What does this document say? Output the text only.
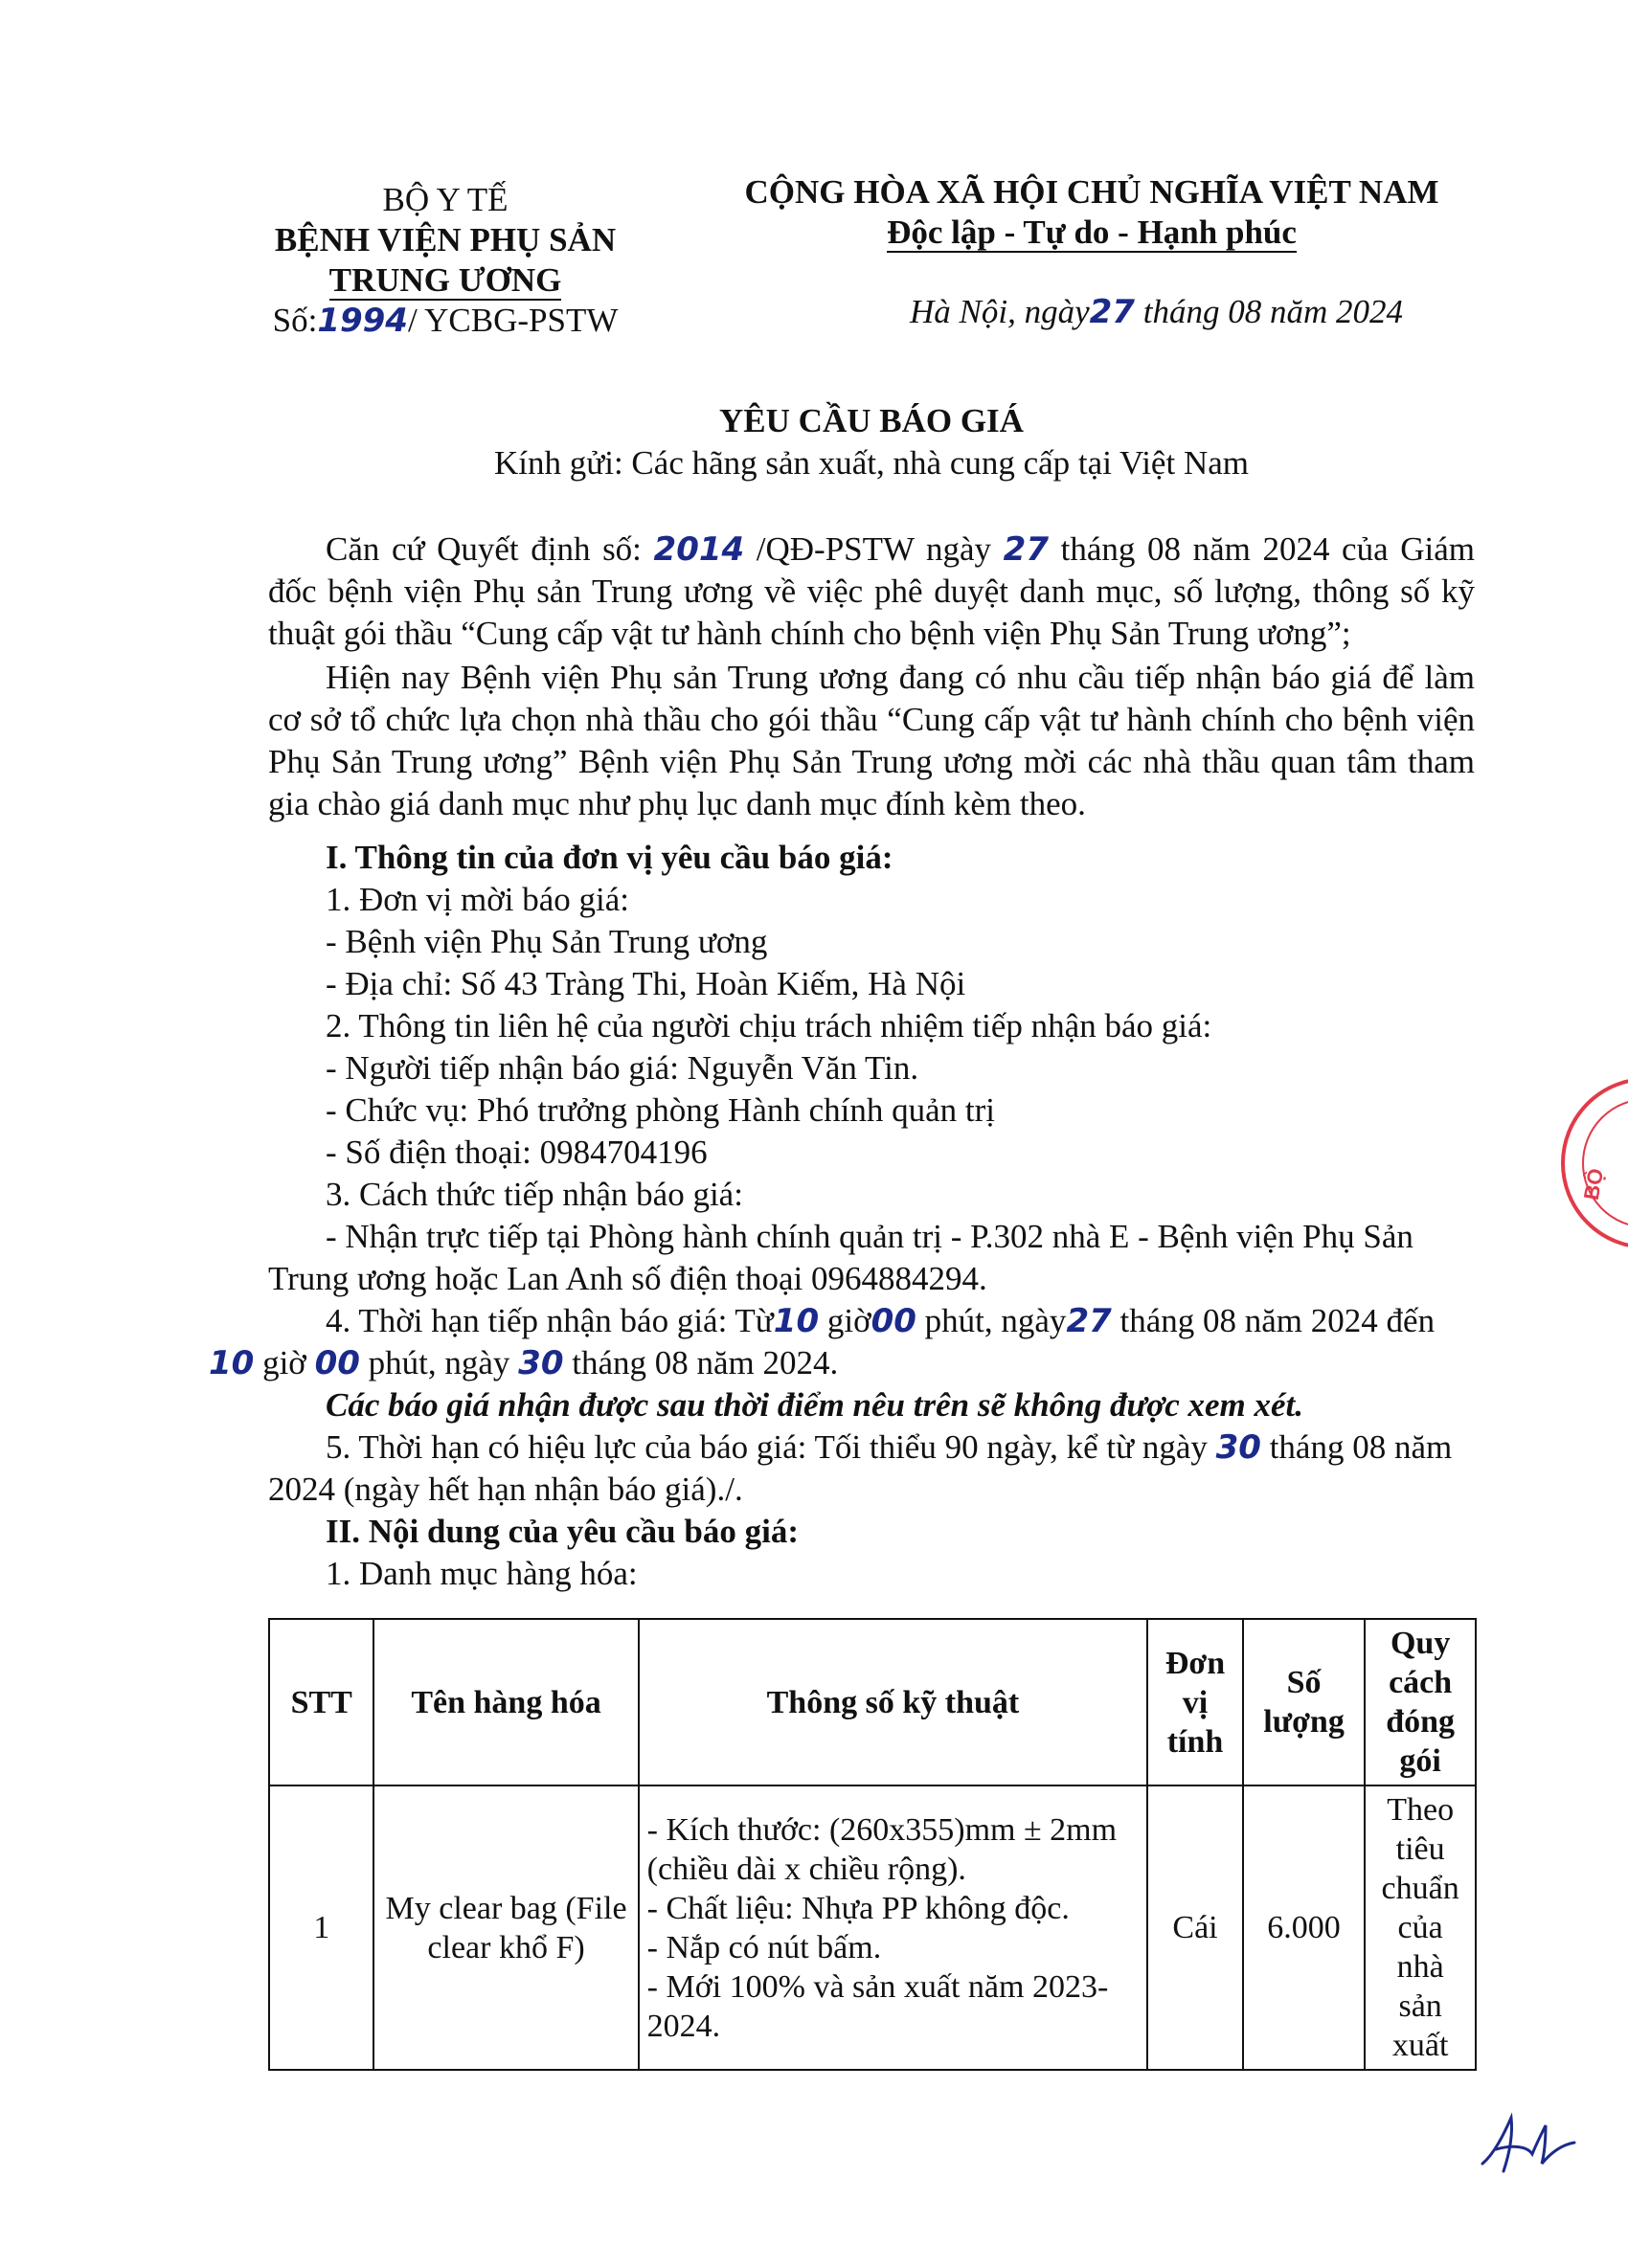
BỘ Y TẾ
BỆNH VIỆN PHỤ SẢN
TRUNG ƯƠNG
Số:1994/ YCBG-PSTW
CỘNG HÒA XÃ HỘI CHỦ NGHĨA VIỆT NAM
Độc lập - Tự do - Hạnh phúc
Hà Nội, ngày27 tháng 08 năm 2024
YÊU CẦU BÁO GIÁ
Kính gửi: Các hãng sản xuất, nhà cung cấp tại Việt Nam
Căn cứ Quyết định số: 2014 /QĐ-PSTW ngày 27 tháng 08 năm 2024 của Giám đốc bệnh viện Phụ sản Trung ương về việc phê duyệt danh mục, số lượng, thông số kỹ thuật gói thầu “Cung cấp vật tư hành chính cho bệnh viện Phụ Sản Trung ương”;
Hiện nay Bệnh viện Phụ sản Trung ương đang có nhu cầu tiếp nhận báo giá để làm cơ sở tổ chức lựa chọn nhà thầu cho gói thầu “Cung cấp vật tư hành chính cho bệnh viện Phụ Sản Trung ương” Bệnh viện Phụ Sản Trung ương mời các nhà thầu quan tâm tham gia chào giá danh mục như phụ lục danh mục đính kèm theo.
I. Thông tin của đơn vị yêu cầu báo giá:
1. Đơn vị mời báo giá:
- Bệnh viện Phụ Sản Trung ương
- Địa chỉ: Số 43 Tràng Thi, Hoàn Kiếm, Hà Nội
2. Thông tin liên hệ của người chịu trách nhiệm tiếp nhận báo giá:
- Người tiếp nhận báo giá: Nguyễn Văn Tin.
- Chức vụ: Phó trưởng phòng Hành chính quản trị
- Số điện thoại: 0984704196
3. Cách thức tiếp nhận báo giá:
- Nhận trực tiếp tại Phòng hành chính quản trị - P.302 nhà E - Bệnh viện Phụ Sản
Trung ương hoặc Lan Anh số điện thoại 0964884294.
4. Thời hạn tiếp nhận báo giá: Từ10 giờ00 phút, ngày27 tháng 08 năm 2024 đến
10 giờ 00 phút, ngày 30 tháng 08 năm 2024.
Các báo giá nhận được sau thời điểm nêu trên sẽ không được xem xét.
5. Thời hạn có hiệu lực của báo giá: Tối thiểu 90 ngày, kể từ ngày 30 tháng 08 năm
2024 (ngày hết hạn nhận báo giá)./.
II. Nội dung của yêu cầu báo giá:
1. Danh mục hàng hóa:
STT	Tên hàng hóa	Thông số kỹ thuật	Đơn vị tính	Số lượng	Quy cách đóng gói
1	My clear bag (File clear khổ F)	- Kích thước: (260x355)mm ± 2mm (chiều dài x chiều rộng).
- Chất liệu: Nhựa PP không độc.
- Nắp có nút bấm.
- Mới 100% và sản xuất năm 2023-2024.	Cái	6.000	Theo tiêu chuẩn của nhà sản xuất
BỘ
